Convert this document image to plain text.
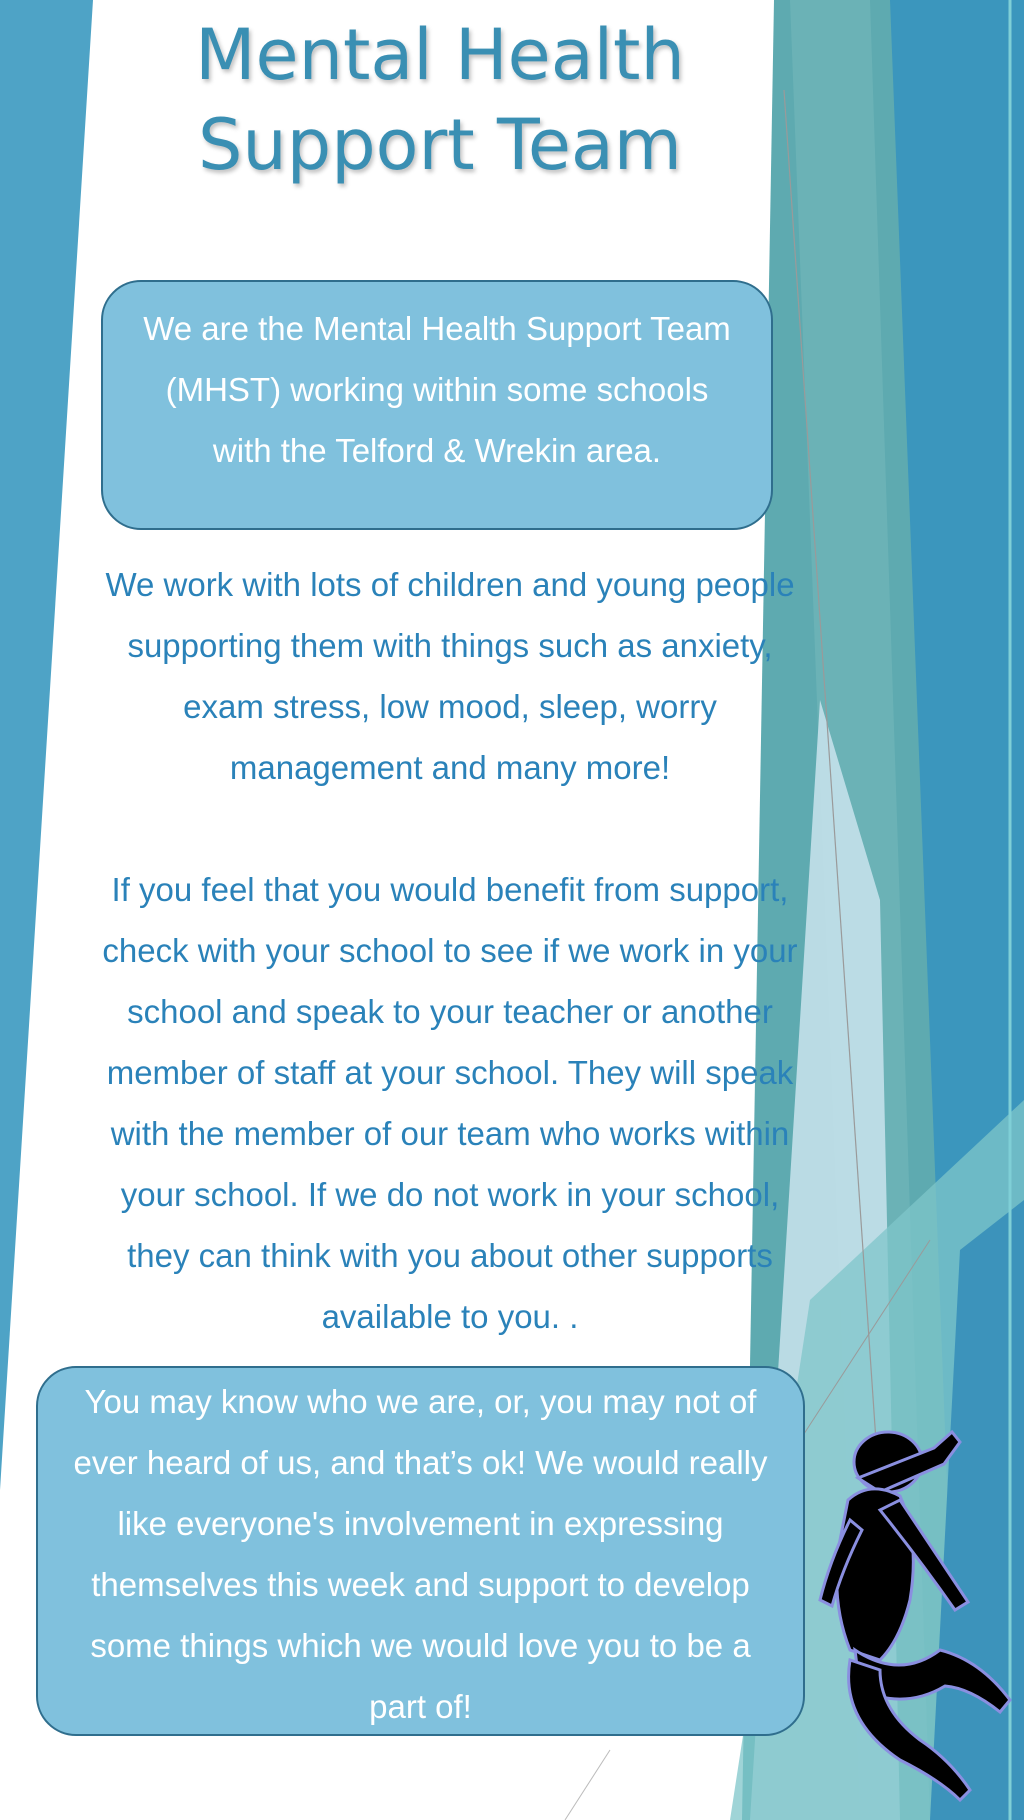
Mental Health
Support Team
We are the Mental Health Support Team
(MHST) working within some schools
with the Telford & Wrekin area.
We work with lots of children and young people
supporting them with things such as anxiety,
exam stress, low mood, sleep, worry
management and many more!
If you feel that you would benefit from support,
check with your school to see if we work in your
school and speak to your teacher or another
member of staff at your school. They will speak
with the member of our team who works within
your school. If we do not work in your school,
they can think with you about other supports
available to you. .
You may know who we are, or, you may not of
ever heard of us, and that’s ok! We would really
like everyone's involvement in expressing
themselves this week and support to develop
some things which we would love you to be a
part of!
